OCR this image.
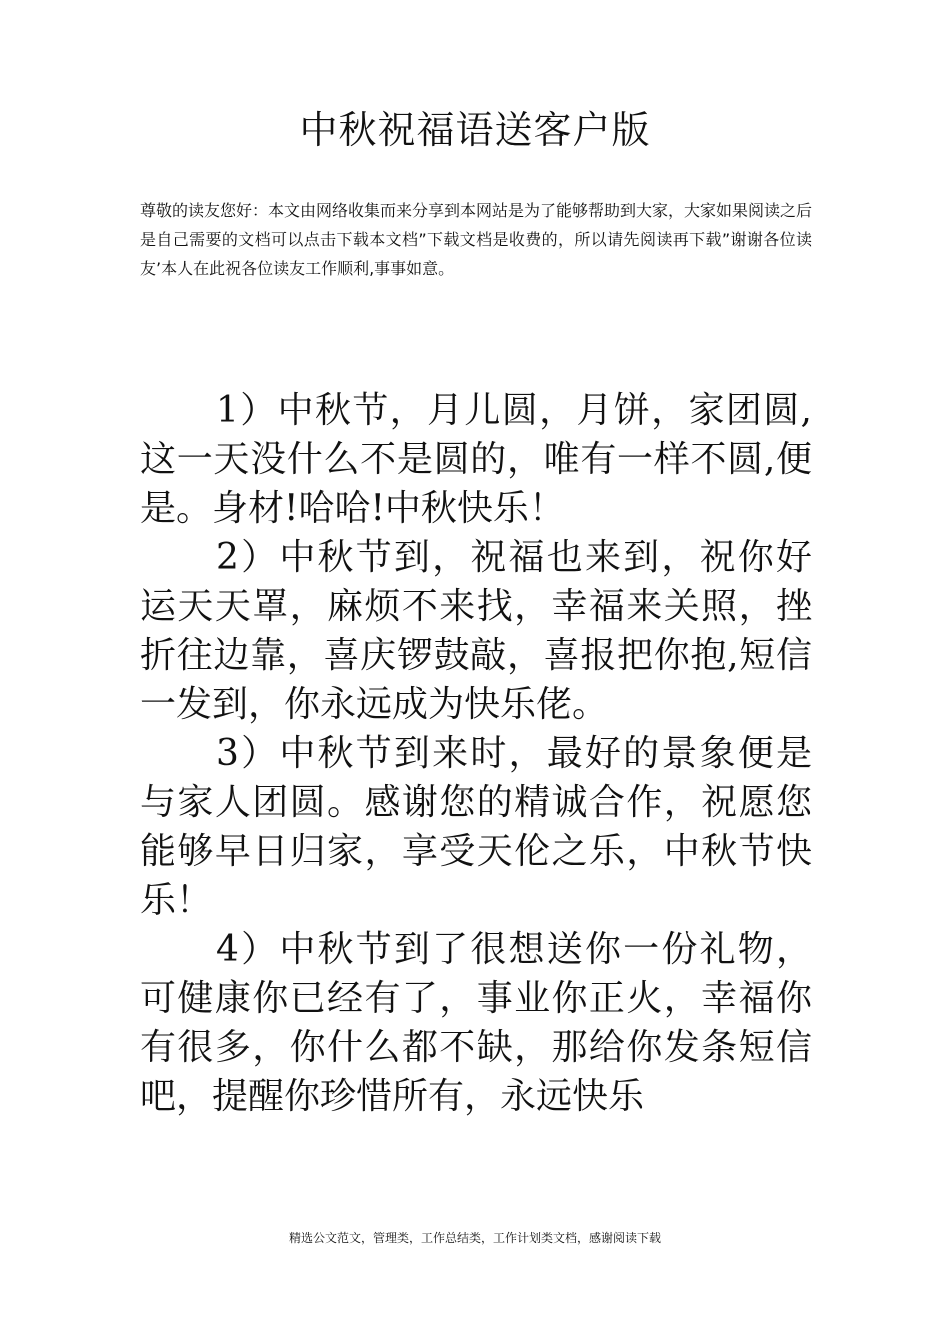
中秋祝福语送客户版

尊敬的读友您好：本文由网络收集而来分享到本网站是为了能够帮助到大家，大家如果阅读之后是自己需要的文档可以点击下载本文档”下载文档是收费的，所以请先阅读再下载”谢谢各位读友’本人在此祝各位读友工作顺利,事事如意。

1）中秋节，月儿圆，月饼，家团圆,这一天没什么不是圆的，唯有一样不圆,便是。身材!哈哈!中秋快乐！

2）中秋节到，祝福也来到，祝你好运天天罩，麻烦不来找，幸福来关照，挫折往边靠，喜庆锣鼓敲，喜报把你抱,短信一发到，你永远成为快乐佬。

3）中秋节到来时，最好的景象便是与家人团圆。感谢您的精诚合作，祝愿您能够早日归家，享受天伦之乐，中秋节快乐！

4）中秋节到了很想送你一份礼物，可健康你已经有了，事业你正火，幸福你有很多，你什么都不缺，那给你发条短信吧，提醒你珍惜所有，永远快乐

精选公文范文，管理类，工作总结类，工作计划类文档，感谢阅读下载
